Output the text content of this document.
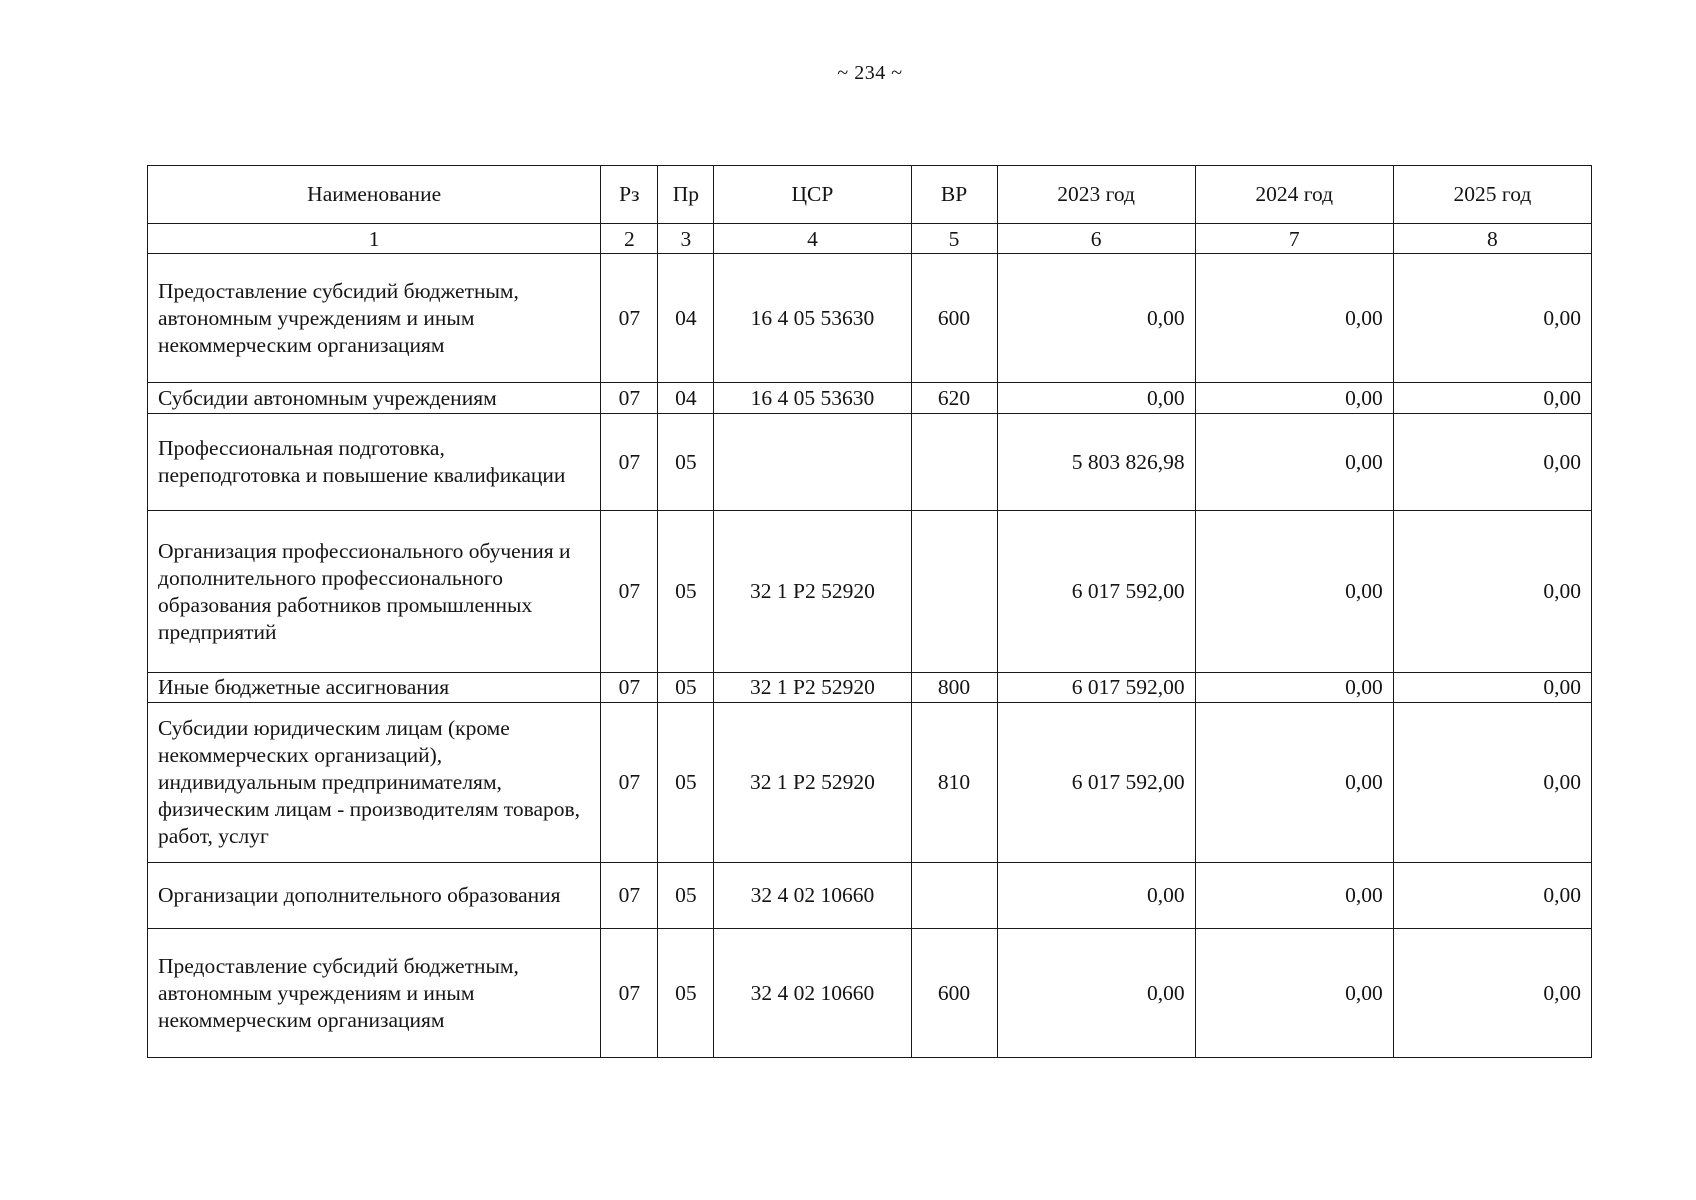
~ 234 ~
Наименование	Рз	Пр	ЦСР	ВР	2023 год	2024 год	2025 год
1	2	3	4	5	6	7	8
Предоставление субсидий бюджетным, автономным учреждениям и иным некоммерческим организациям	07	04	16 4 05 53630	600	0,00	0,00	0,00
Субсидии автономным учреждениям	07	04	16 4 05 53630	620	0,00	0,00	0,00
Профессиональная подготовка, переподготовка и повышение квалификации	07	05			5 803 826,98	0,00	0,00
Организация профессионального обучения и дополнительного профессионального образования работников промышленных предприятий	07	05	32 1 P2 52920		6 017 592,00	0,00	0,00
Иные бюджетные ассигнования	07	05	32 1 P2 52920	800	6 017 592,00	0,00	0,00
Субсидии юридическим лицам (кроме некоммерческих организаций), индивидуальным предпринимателям, физическим лицам - производителям товаров, работ, услуг	07	05	32 1 P2 52920	810	6 017 592,00	0,00	0,00
Организации дополнительного образования	07	05	32 4 02 10660		0,00	0,00	0,00
Предоставление субсидий бюджетным, автономным учреждениям и иным некоммерческим организациям	07	05	32 4 02 10660	600	0,00	0,00	0,00
